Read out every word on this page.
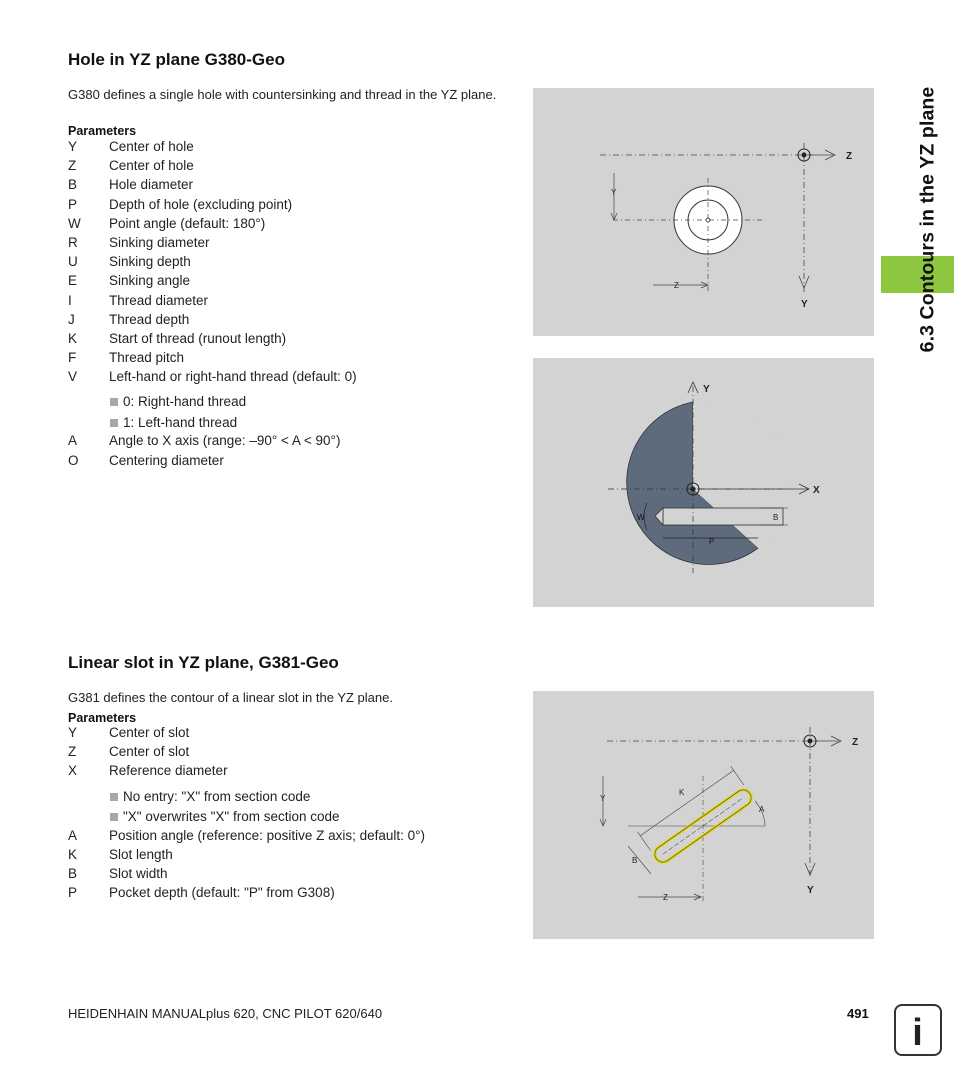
6.3 Contours in the YZ plane
Hole in YZ plane G380-Geo
G380 defines a single hole with countersinking and thread in the YZ plane.
Parameters
Y Center of hole
Z Center of hole
B Hole diameter
P Depth of hole (excluding point)
W Point angle (default: 180°)
R Sinking diameter
U Sinking depth
E Sinking angle
I	Thread diameter
J	Thread depth
K Start of thread (runout length)
F Thread pitch
V Left-hand or right-hand thread (default: 0)
0: Right-hand thread
1: Left-hand thread
A Angle to X axis (range: –90° < A < 90°)
O Centering diameter
Z
Y
Y
Z
X
Y
B
P
W
Linear slot in YZ plane, G381-Geo
G381 defines the contour of a linear slot in the YZ plane.
Parameters
Y Center of slot
Z Center of slot
X Reference diameter
No entry: "X" from section code
"X" overwrites "X" from section code
A Position angle (reference: positive Z axis; default: 0°)
K Slot length
B Slot width
P Pocket depth (default: "P" from G308)
Z
Y
Y
Z
K
A
B
HEIDENHAIN MANUALplus 620, CNC PILOT 620/640	491 i
